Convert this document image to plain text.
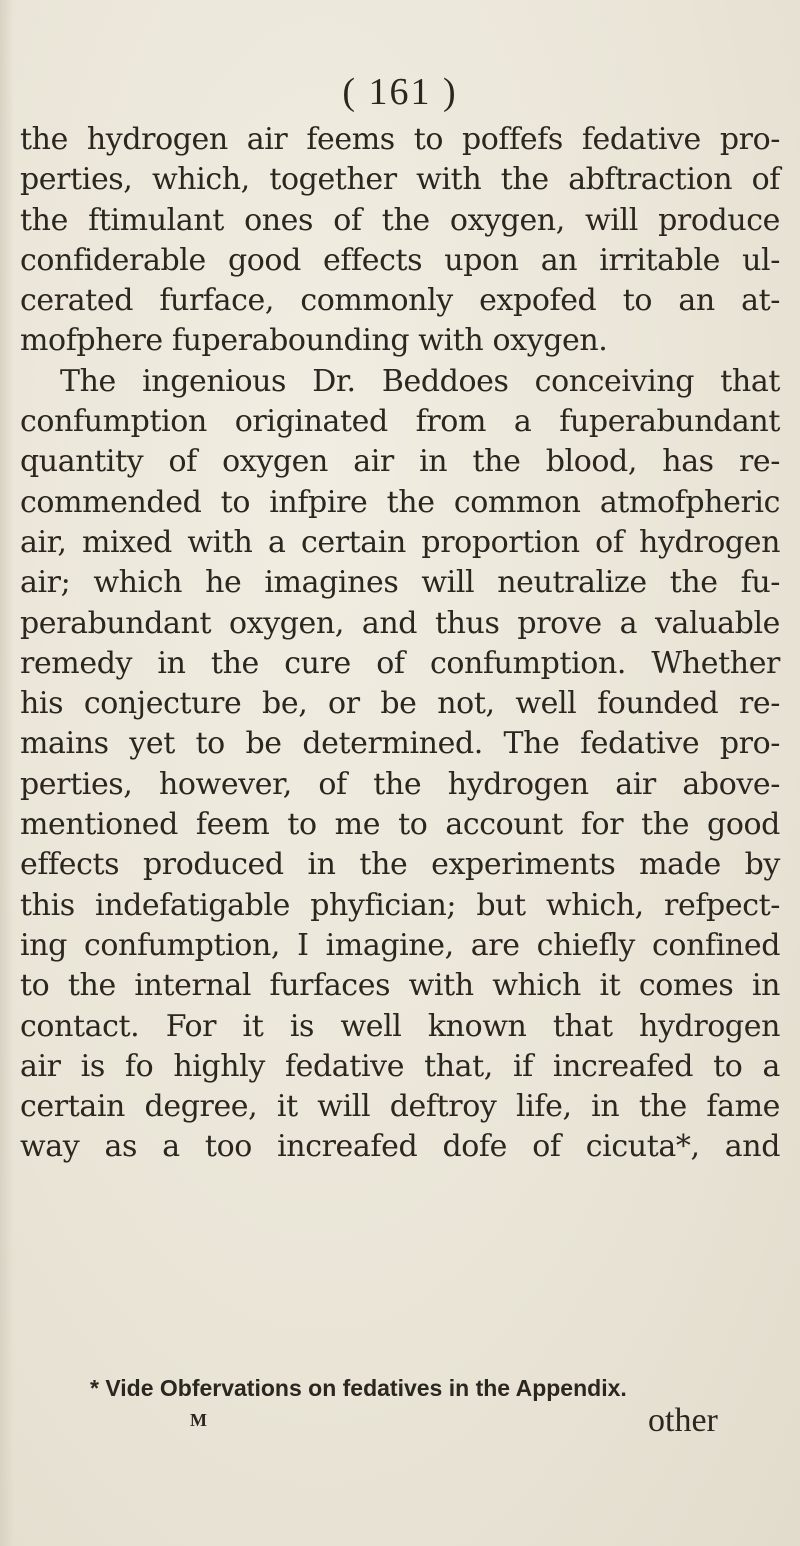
( 161 )
the hydrogen air feems to poffefs fedative pro-
perties, which, together with the abftraction of
the ftimulant ones of the oxygen, will produce
confiderable good effects upon an irritable ul-
cerated furface, commonly expofed to an at-
mofphere fuperabounding with oxygen.
The ingenious Dr. Beddoes conceiving that
confumption originated from a fuperabundant
quantity of oxygen air in the blood, has re-
commended to infpire the common atmofpheric
air, mixed with a certain proportion of hydrogen
air; which he imagines will neutralize the fu-
perabundant oxygen, and thus prove a valuable
remedy in the cure of confumption. Whether
his conjecture be, or be not, well founded re-
mains yet to be determined. The fedative pro-
perties, however, of the hydrogen air above-
mentioned feem to me to account for the good
effects produced in the experiments made by
this indefatigable phyfician; but which, refpect-
ing confumption, I imagine, are chiefly confined
to the internal furfaces with which it comes in
contact. For it is well known that hydrogen
air is fo highly fedative that, if increafed to a
certain degree, it will deftroy life, in the fame
way as a too increafed dofe of cicuta*, and
* Vide Obfervations on fedatives in the Appendix.
M	other
